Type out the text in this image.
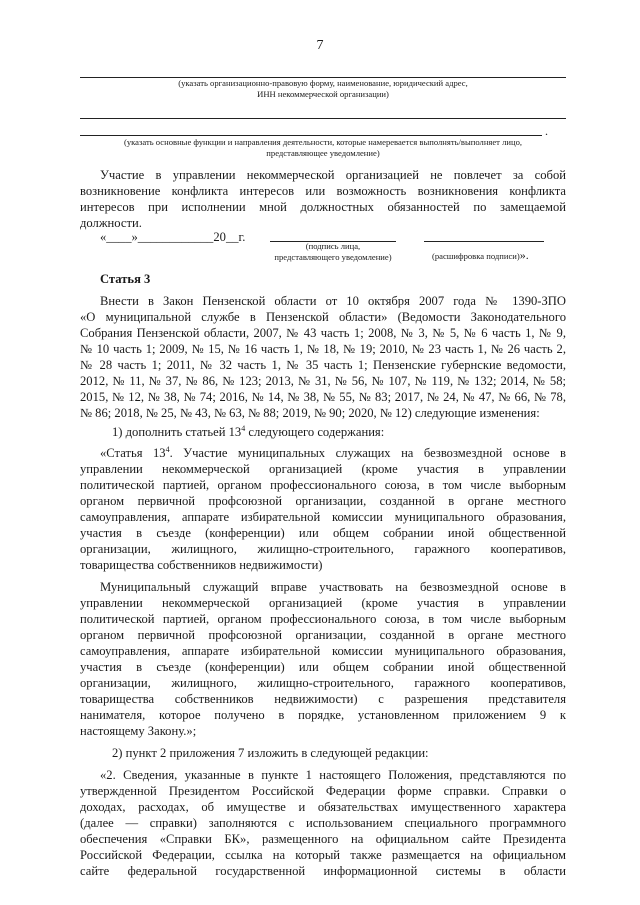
7
(указать организационно-правовую форму, наименование, юридический адрес,
ИНН некоммерческой организации)
.
(указать основные функции и направления деятельности, которые намеревается выполнять/выполняет лицо,
представляющее уведомление)
Участие в управлении некоммерческой организацией не повлечет за собой
возникновение конфликта интересов или возможность возникновения конфликта
интересов при исполнении мной должностных обязанностей по замещаемой
должности.
«____»____________20__г.
(подпись лица,
представляющего уведомление)	(расшифровка подписи)».
Статья 3
Внести в Закон Пензенской области от 10 октября 2007 года № 1390-ЗПО
«О муниципальной службе в Пензенской области» (Ведомости Законодательного
Собрания Пензенской области, 2007, № 43 часть 1; 2008, № 3, № 5, № 6 часть 1, № 9,
№ 10 часть 1; 2009, № 15, № 16 часть 1, № 18, № 19; 2010, № 23 часть 1, № 26 часть 2,
№ 28 часть 1; 2011, № 32 часть 1, № 35 часть 1; Пензенские губернские ведомости,
2012, № 11, № 37, № 86, № 123; 2013, № 31, № 56, № 107, № 119, № 132; 2014, № 58;
2015, № 12, № 38, № 74; 2016, № 14, № 38, № 55, № 83; 2017, № 24, № 47, № 66, № 78,
№ 86; 2018, № 25, № 43, № 63, № 88; 2019, № 90; 2020, № 12) следующие изменения:
1) дополнить статьей $13^4$ следующего содержания:
«Статья $13^4$. Участие муниципальных служащих на безвозмездной основе в
управлении некоммерческой организацией (кроме участия в управлении
политической партией, органом профессионального союза, в том числе выборным
органом первичной профсоюзной организации, созданной в органе местного
самоуправления, аппарате избирательной комиссии муниципального образования,
участия в съезде (конференции) или общем собрании иной общественной
организации, жилищного, жилищно-строительного, гаражного кооперативов,
товарищества собственников недвижимости)
Муниципальный служащий вправе участвовать на безвозмездной основе в
управлении некоммерческой организацией (кроме участия в управлении
политической партией, органом профессионального союза, в том числе выборным
органом первичной профсоюзной организации, созданной в органе местного
самоуправления, аппарате избирательной комиссии муниципального образования,
участия в съезде (конференции) или общем собрании иной общественной
организации, жилищного, жилищно-строительного, гаражного кооперативов,
товарищества собственников недвижимости) с разрешения представителя
нанимателя, которое получено в порядке, установленном приложением 9 к
настоящему Закону.»;
2) пункт 2 приложения 7 изложить в следующей редакции:
«2. Сведения, указанные в пункте 1 настоящего Положения, представляются по
утвержденной Президентом Российской Федерации форме справки. Справки о
доходах, расходах, об имуществе и обязательствах имущественного характера
(далее — справки) заполняются с использованием специального программного
обеспечения «Справки БК», размещенного на официальном сайте Президента
Российской Федерации, ссылка на который также размещается на официальном
сайте федеральной государственной информационной системы в области
